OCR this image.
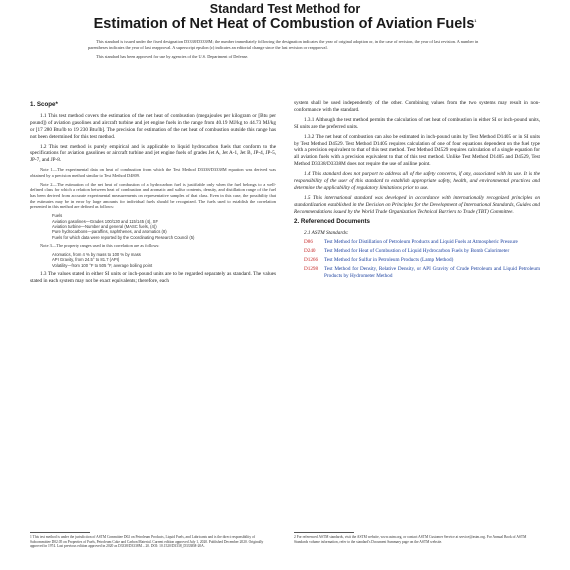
Standard Test Method for
Estimation of Net Heat of Combustion of Aviation Fuels$^1$

This standard is issued under the fixed designation D3338/D3338M; the number immediately following the designation indicates the year of original adoption or, in the case of revision, the year of last revision. A number in parentheses indicates the year of last reapproval. A superscript epsilon (ε) indicates an editorial change since the last revision or reapproval.

This standard has been approved for use by agencies of the U.S. Department of Defense.

1. Scope*

1.1 This test method covers the estimation of the net heat of combustion (megajoules per kilogram or [Btu per pound]) of aviation gasolines and aircraft turbine and jet engine fuels in the range from 40.19 MJ/kg to 44.73 MJ/kg or [17 280 Btu/lb to 19 230 Btu/lb]. The precision for estimation of the net heat of combustion outside this range has not been determined for this test method.

1.2 This test method is purely empirical and is applicable to liquid hydrocarbon fuels that conform to the specifications for aviation gasolines or aircraft turbine and jet engine fuels of grades Jet A, Jet A-1, Jet B, JP-4, JP-5, JP-7, and JP-8.

Note 1—The experimental data on heat of combustion from which the Test Method D3338/D3338M equation was derived was obtained by a precision method similar to Test Method D4809.

Note 2—The estimation of the net heat of combustion of a hydrocarbon fuel is justifiable only when the fuel belongs to a well-defined class for which a relation between heat of combustion and aromatic and sulfur contents, density, and distillation range of the fuel has been derived from accurate experimental measurements on representative samples of that class. Even in this case, the possibility that the estimates may be in error by large amounts for individual fuels should be recognized. The fuels used to establish the correlation presented in this method are defined as follows:

Fuels
Aviation gasolines—Grades 100/130 and 115/145 (4), SF
Aviation turbine—Number and general (MASC fuels, (4))
Pure hydrocarbons—paraffins, naphthenes, and aromatics (8)
Fuels for which data were reported by the Coordinating Research Council (5)

Note 3—The property ranges used in this correlation are as follows:

Aromatics, from 4 % by mass to 100 % by mass
API Gravity, from 24.5° to 81.7 (API)
Volatility—from 100 °F to 505 °F, average boiling point

1.3 The values stated in either SI units or inch-pound units are to be regarded separately as standard. The values stated in each system may not be exact equivalents; therefore, each

system shall be used independently of the other. Combining values from the two systems may result in non-conformance with the standard.

1.3.1 Although the test method permits the calculation of net heat of combustion in either SI or inch-pound units, SI units are the preferred units.

1.3.2 The net heat of combustion can also be estimated in inch-pound units by Test Method D1405 or in SI units by Test Method D4529. Test Method D1405 requires calculation of one of four equations dependent on the fuel type with a precision equivalent to that of this test method. Test Method D4529 requires calculation of a single equation for all aviation fuels with a precision equivalent to that of this test method. Unlike Test Method D1405 and D4529, Test Method D3338/D3338M does not require the use of aniline point.

1.4 This standard does not purport to address all of the safety concerns, if any, associated with its use. It is the responsibility of the user of this standard to establish appropriate safety, health, and environmental practices and determine the applicability of regulatory limitations prior to use.

1.5 This international standard was developed in accordance with internationally recognized principles on standardization established in the Decision on Principles for the Development of International Standards, Guides and Recommendations issued by the World Trade Organization Technical Barriers to Trade (TBT) Committee.

2. Referenced Documents

2.1 ASTM Standards:

D86	Test Method for Distillation of Petroleum Products and Liquid Fuels at Atmospheric Pressure
D240	Test Method for Heat of Combustion of Liquid Hydrocarbon Fuels by Bomb Calorimeter
D1266	Test Method for Sulfur in Petroleum Products (Lamp Method)
D1298	Test Method for Density, Relative Density, or API Gravity of Crude Petroleum and Liquid Petroleum Products by Hydrometer Method
1 This test method is under the jurisdiction of ASTM Committee D02 on Petroleum Products, Liquid Fuels, and Lubricants and is the direct responsibility of Subcommittee D02.05 on Properties of Fuels, Petroleum Coke and Carbon Material. Current edition approved July 1, 2020. Published December 2020. Originally approved in 1974. Last previous edition approved in 2020 as D3338/D3338M – 20. DOI: 10.1520/D3338_D3338M-20A.
2 For referenced ASTM standards, visit the ASTM website, www.astm.org, or contact ASTM Customer Service at service@astm.org. For Annual Book of ASTM Standards volume information, refer to the standard's Document Summary page on the ASTM website.
